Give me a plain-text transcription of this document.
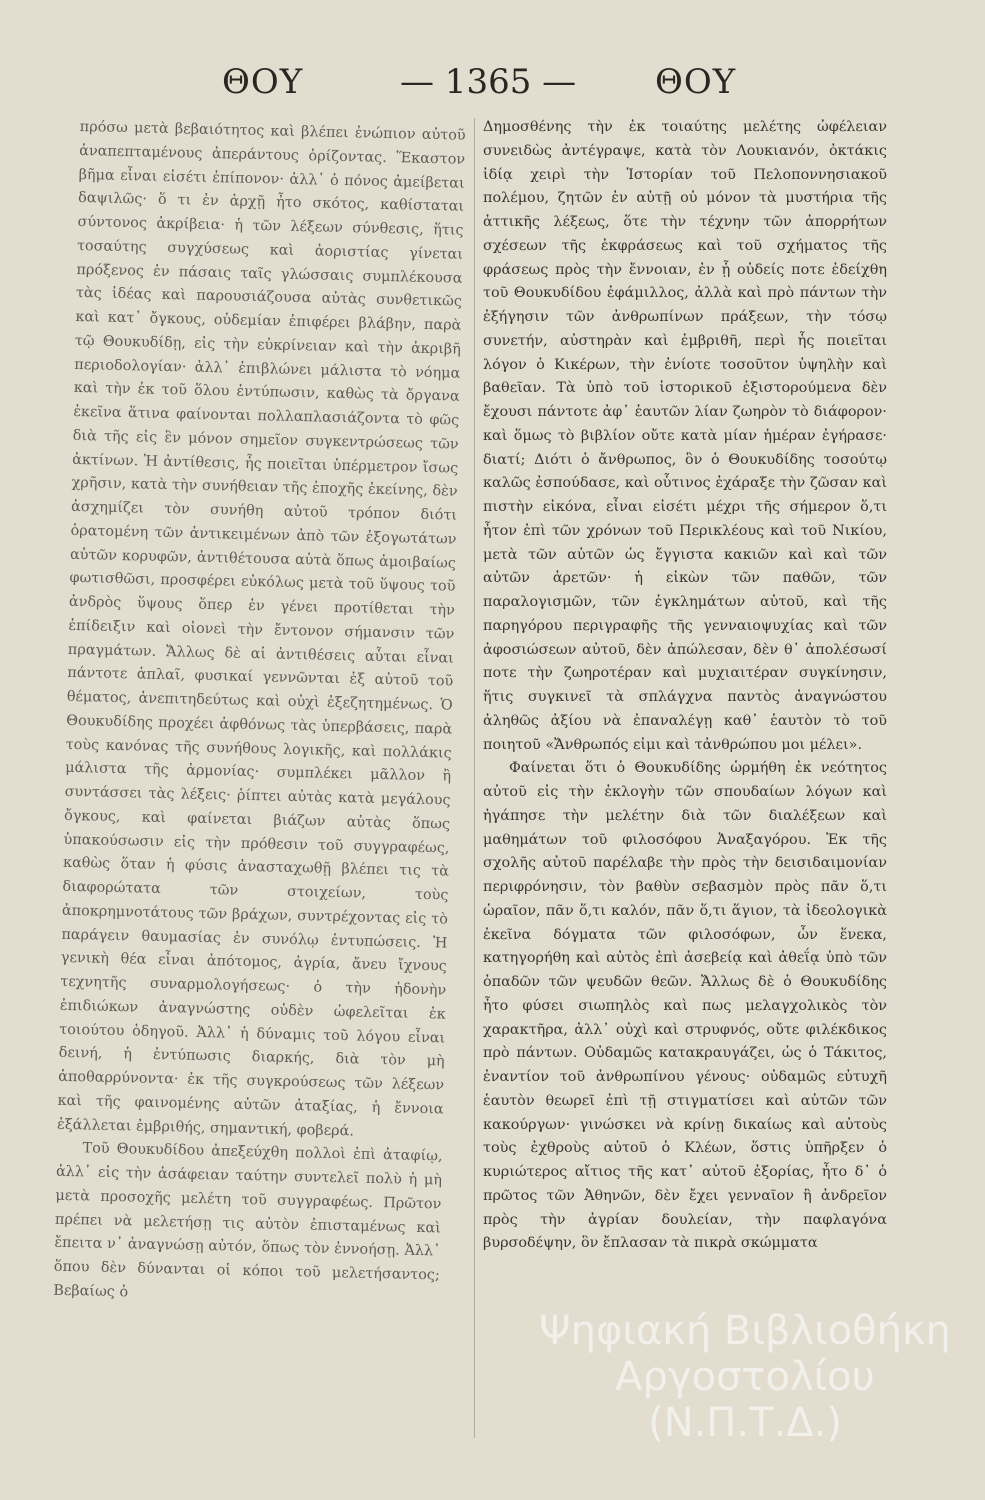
ΘΟΥ	— 1365 — ΘΟΥ

πρόσω μετὰ βεβαιότητος καὶ βλέπει ἐνώπιον αὐτοῦ ἀναπεπταμένους ἀπεράντους ὁρίζοντας. Ἕκαστον βῆμα εἶναι εἰσέτι ἐπίπονον· ἀλλ᾽ ὁ πόνος ἀμείβεται δαψιλῶς· ὅ τι ἐν ἀρχῇ ἦτο σκότος, καθίσταται σύντονος ἀκρίβεια· ἡ τῶν λέξεων σύνθεσις, ἥτις τοσαύτης συγχύσεως καὶ ἀοριστίας γίνεται πρόξενος ἐν πάσαις ταῖς γλώσσαις συμπλέκουσα τὰς ἰδέας καὶ παρουσιάζουσα αὐτὰς συνθετικῶς καὶ κατ᾽ ὄγκους, οὐδεμίαν ἐπιφέρει βλάβην, παρὰ τῷ Θουκυδίδῃ, εἰς τὴν εὐκρίνειαν καὶ τὴν ἀκριβῆ περιοδολογίαν· ἀλλ᾽ ἐπιβλώνει μάλιστα τὸ νόημα καὶ τὴν ἐκ τοῦ ὅλου ἐντύπωσιν, καθὼς τὰ ὄργανα ἐκεῖνα ἅτινα φαίνονται πολλαπλασιάζοντα τὸ φῶς διὰ τῆς εἰς ἓν μόνον σημεῖον συγκεντρώσεως τῶν ἀκτίνων. Ἡ ἀντίθεσις, ἧς ποιεῖται ὑπέρμετρον ἴσως χρῆσιν, κατὰ τὴν συνήθειαν τῆς ἐποχῆς ἐκείνης, δὲν ἀσχημίζει τὸν συνήθη αὐτοῦ τρόπον διότι ὁρατομένη τῶν ἀντικειμένων ἀπὸ τῶν ἐξογωτάτων αὐτῶν κορυφῶν, ἀντιθέτουσα αὐτὰ ὅπως ἀμοιβαίως φωτισθῶσι, προσφέρει εὐκόλως μετὰ τοῦ ὕψους τοῦ ἀνδρὸς ὕψους ὅπερ ἐν γένει προτίθεται τὴν ἐπίδειξιν καὶ οἱονεὶ τὴν ἔντονον σήμανσιν τῶν πραγμάτων. Ἄλλως δὲ αἱ ἀντιθέσεις αὗται εἶναι πάντοτε ἁπλαῖ, φυσικαί γεννῶνται ἐξ αὐτοῦ τοῦ θέματος, ἀνεπιτηδεύτως καὶ οὐχὶ ἐξεζητημένως. Ὁ Θουκυδίδης προχέει ἀφθόνως τὰς ὑπερβάσεις, παρὰ τοὺς κανόνας τῆς συνήθους λογικῆς, καὶ πολλάκις μάλιστα τῆς ἁρμονίας· συμπλέκει μᾶλλον ἢ συντάσσει τὰς λέξεις· ῥίπτει αὐτὰς κατὰ μεγάλους ὄγκους, καὶ φαίνεται βιάζων αὐτὰς ὅπως ὑπακούσωσιν εἰς τὴν πρόθεσιν τοῦ συγγραφέως, καθὼς ὅταν ἡ φύσις ἀνασταχωθῇ βλέπει τις τὰ διαφορώτατα τῶν στοιχείων, τοὺς ἀποκρημνοτάτους τῶν βράχων, συντρέχοντας εἰς τὸ παράγειν θαυμασίας ἐν συνόλῳ ἐντυπώσεις. Ἡ γενικὴ θέα εἶναι ἀπότομος, ἀγρία, ἄνευ ἴχνους τεχνητῆς συναρμολογήσεως· ὁ τὴν ἡδονὴν ἐπιδιώκων ἀναγνώστης οὐδὲν ὠφελεῖται ἐκ τοιούτου ὁδηγοῦ. Ἀλλ᾽ ἡ δύναμις τοῦ λόγου εἶναι δεινή, ἡ ἐντύπωσις διαρκής, διὰ τὸν μὴ ἀποθαρρύνοντα· ἐκ τῆς συγκρούσεως τῶν λέξεων καὶ τῆς φαινομένης αὐτῶν ἀταξίας, ἡ ἔννοια ἐξάλλεται ἐμβριθής, σημαντική, φοβερά.

Τοῦ Θουκυδίδου ἀπεξεύχθη πολλοὶ ἐπὶ ἀταφίῳ, ἀλλ᾽ εἰς τὴν ἀσάφειαν ταύτην συντελεῖ πολὺ ἡ μὴ μετὰ προσοχῆς μελέτη τοῦ συγγραφέως. Πρῶτον πρέπει νὰ μελετήσῃ τις αὐτὸν ἐπισταμένως καὶ ἔπειτα ν᾽ ἀναγνώσῃ αὐτόν, ὅπως τὸν ἐννοήσῃ. Ἀλλ᾽ ὅπου δὲν δύνανται οἱ κόποι τοῦ μελετήσαντος; Βεβαίως ὁ

Δημοσθένης τὴν ἐκ τοιαύτης μελέτης ὠφέλειαν συνειδὼς ἀντέγραψε, κατὰ τὸν Λουκιανόν, ὀκτάκις ἰδίᾳ χειρὶ τὴν Ἱστορίαν τοῦ Πελοποννησιακοῦ πολέμου, ζητῶν ἐν αὐτῇ οὐ μόνον τὰ μυστήρια τῆς ἀττικῆς λέξεως, ὅτε τὴν τέχνην τῶν ἀπορρήτων σχέσεων τῆς ἐκφράσεως καὶ τοῦ σχήματος τῆς φράσεως πρὸς τὴν ἔννοιαν, ἐν ᾗ οὐδείς ποτε ἐδείχθη τοῦ Θουκυδίδου ἐφάμιλλος, ἀλλὰ καὶ πρὸ πάντων τὴν ἐξήγησιν τῶν ἀνθρωπίνων πράξεων, τὴν τόσῳ συνετήν, αὐστηρὰν καὶ ἐμβριθῆ, περὶ ἧς ποιεῖται λόγον ὁ Κικέρων, τὴν ἐνίοτε τοσοῦτον ὑψηλὴν καὶ βαθεῖαν. Τὰ ὑπὸ τοῦ ἱστορικοῦ ἐξιστορούμενα δὲν ἔχουσι πάντοτε ἀφ᾽ ἑαυτῶν λίαν ζωηρὸν τὸ διάφορον· καὶ ὅμως τὸ βιβλίον οὔτε κατὰ μίαν ἡμέραν ἐγήρασε· διατί; Διότι ὁ ἄνθρωπος, ὃν ὁ Θουκυδίδης τοσούτῳ καλῶς ἐσπούδασε, καὶ οὗτινος ἐχάραξε τὴν ζῶσαν καὶ πιστὴν εἰκόνα, εἶναι εἰσέτι μέχρι τῆς σήμερον ὅ,τι ἦτον ἐπὶ τῶν χρόνων τοῦ Περικλέους καὶ τοῦ Νικίου, μετὰ τῶν αὐτῶν ὡς ἔγγιστα κακιῶν καὶ καὶ τῶν αὐτῶν ἀρετῶν· ἡ εἰκὼν τῶν παθῶν, τῶν παραλογισμῶν, τῶν ἐγκλημάτων αὐτοῦ, καὶ τῆς παρηγόρου περιγραφῆς τῆς γενναιοψυχίας καὶ τῶν ἀφοσιώσεων αὐτοῦ, δὲν ἀπώλεσαν, δὲν θ᾽ ἀπολέσωσί ποτε τὴν ζωηροτέραν καὶ μυχιαιτέραν συγκίνησιν, ἥτις συγκινεῖ τὰ σπλάγχνα παντὸς ἀναγνώστου ἀληθῶς ἀξίου νὰ ἐπαναλέγῃ καθ᾽ ἑαυτὸν τὸ τοῦ ποιητοῦ «Ἄνθρωπός εἰμι καὶ τἀνθρώπου μοι μέλει».

Φαίνεται ὅτι ὁ Θουκυδίδης ὡρμήθη ἐκ νεότητος αὐτοῦ εἰς τὴν ἐκλογὴν τῶν σπουδαίων λόγων καὶ ἠγάπησε τὴν μελέτην διὰ τῶν διαλέξεων καὶ μαθημάτων τοῦ φιλοσόφου Ἀναξαγόρου. Ἐκ τῆς σχολῆς αὐτοῦ παρέλαβε τὴν πρὸς τὴν δεισιδαιμονίαν περιφρόνησιν, τὸν βαθὺν σεβασμὸν πρὸς πᾶν ὅ,τι ὡραῖον, πᾶν ὅ,τι καλόν, πᾶν ὅ,τι ἅγιον, τὰ ἰδεολογικὰ ἐκεῖνα δόγματα τῶν φιλοσόφων, ὧν ἕνεκα, κατηγορήθη καὶ αὐτὸς ἐπὶ ἀσεβείᾳ καὶ ἀθεΐᾳ ὑπὸ τῶν ὀπαδῶν τῶν ψευδῶν θεῶν. Ἄλλως δὲ ὁ Θουκυδίδης ἦτο φύσει σιωπηλὸς καὶ πως μελαγχολικὸς τὸν χαρακτῆρα, ἀλλ᾽ οὐχὶ καὶ στρυφνός, οὔτε φιλέκδικος πρὸ πάντων. Οὐδαμῶς κατακραυγάζει, ὡς ὁ Τάκιτος, ἐναντίον τοῦ ἀνθρωπίνου γένους· οὐδαμῶς εὐτυχῆ ἑαυτὸν θεωρεῖ ἐπὶ τῇ στιγματίσει καὶ αὐτῶν τῶν κακούργων· γινώσκει νὰ κρίνῃ δικαίως καὶ αὐτοὺς τοὺς ἐχθροὺς αὐτοῦ ὁ Κλέων, ὅστις ὑπῆρξεν ὁ κυριώτερος αἴτιος τῆς κατ᾽ αὐτοῦ ἐξορίας, ἦτο δ᾽ ὁ πρῶτος τῶν Ἀθηνῶν, δὲν ἔχει γενναῖον ἢ ἀνδρεῖον πρὸς τὴν ἀγρίαν δουλείαν, τὴν παφλαγόνα βυρσοδέψην, ὃν ἔπλασαν τὰ πικρὰ σκώμματα

Ψηφιακή Βιβλιοθήκη
Αργοστολίου (Ν.Π.Τ.Δ.)
